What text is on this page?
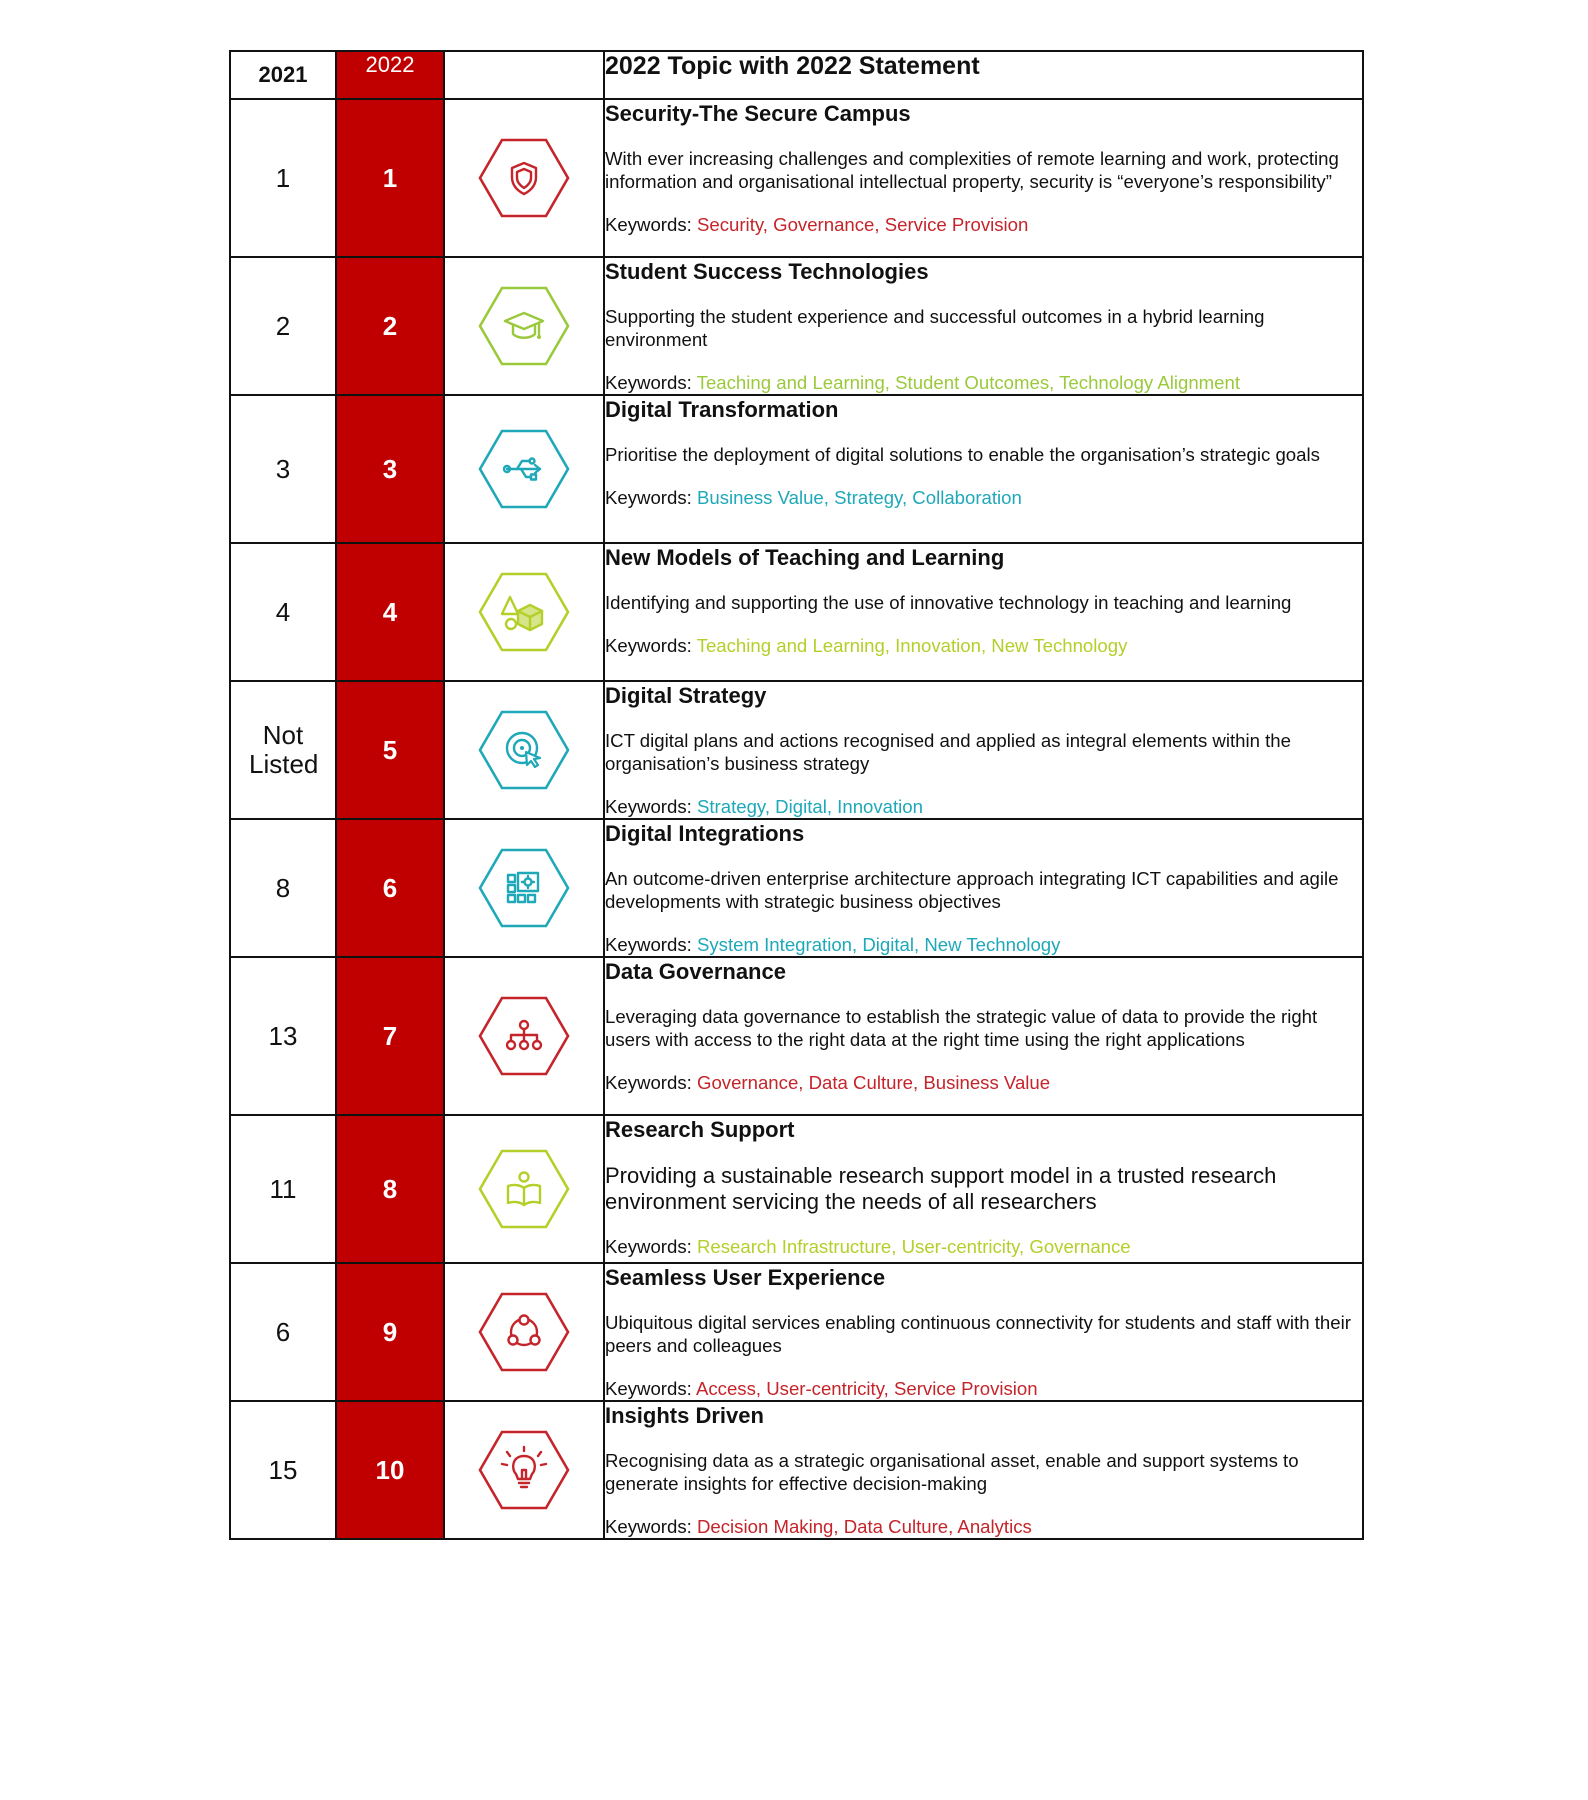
2021	2022		2022 Topic with 2022 Statement
1	1		Security-The Secure Campus
With ever increasing challenges and complexities of remote learning and work, protecting information and organisational intellectual property, security is “everyone’s responsibility”
Keywords: Security, Governance, Service Provision

2	2		Student Success Technologies
Supporting the student experience and successful outcomes in a hybrid learning environment
Keywords: Teaching and Learning, Student Outcomes, Technology Alignment

3	3		Digital Transformation
Prioritise the deployment of digital solutions to enable the organisation’s strategic goals
Keywords: Business Value, Strategy, Collaboration

4	4		New Models of Teaching and Learning
Identifying and supporting the use of innovative technology in teaching and learning
Keywords: Teaching and Learning, Innovation, New Technology

Not Listed	5		Digital Strategy
ICT digital plans and actions recognised and applied as integral elements within the organisation’s business strategy
Keywords: Strategy, Digital, Innovation

8	6		Digital Integrations
An outcome-driven enterprise architecture approach integrating ICT capabilities and agile developments with strategic business objectives
Keywords: System Integration, Digital, New Technology

13	7		Data Governance
Leveraging data governance to establish the strategic value of data to provide the right users with access to the right data at the right time using the right applications
Keywords: Governance, Data Culture, Business Value

11	8		Research Support
Providing a sustainable research support model in a trusted research environment servicing the needs of all researchers
Keywords: Research Infrastructure, User-centricity, Governance

6	9		Seamless User Experience
Ubiquitous digital services enabling continuous connectivity for students and staff with their peers and colleagues
Keywords: Access, User-centricity, Service Provision

15	10		Insights Driven
Recognising data as a strategic organisational asset, enable and support systems to generate insights for effective decision-making
Keywords: Decision Making, Data Culture, Analytics
